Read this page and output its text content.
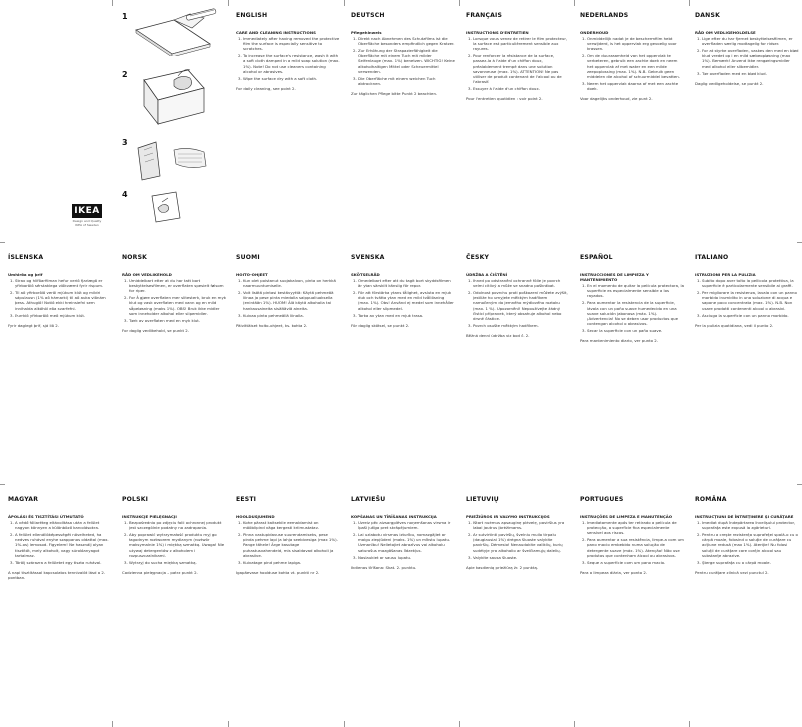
1
2
3
4
IKEA
Design and Quality
IKEA of Sweden
ENGLISH
CARE AND CLEANING INSTRUCTIONS
1. Immediately after having removed the protective film the surface is especially sensitive to scratches.
2. To increase the surface's resistance, wash it with a soft cloth damped in a mild soap solution (max. 1%). Note! Do not use cleaners containing alcohol or abrasives.
3. Wipe the surface dry with a soft cloth.
For daily cleaning, see point 2.
DEUTSCH
Pflegehinweis
1. Direkt nach Abnehmen des Schutzfilms ist die Oberfläche besonders empfindlich gegen Kratzer.
2. Zur Erhöhung der Strapazierfähigkeit die Oberfläche mit einem Tuch mit milder Seifenlauge (max. 1%) benetzen. WICHTIG! Keine alkoholhaltigen Mittel oder Scheuermittel verwenden.
3. Die Oberfläche mit einem weichen Tuch abtrocknen.
Zur täglichen Pflege bitte Punkt 2 beachten.
FRANÇAIS
INSTRUCTIONS D'ENTRETIEN
1. Lorsque vous venez de retirer le film protecteur, la surface est particulièrement sensible aux rayures.
2. Pour renforcer la résistance de la surface, passez-la à l'aide d'un chiffon doux, préalablement trempé dans une solution savonneuse (max. 1%). ATTENTION! Ne pas utiliser de produit contenant de l'alcool ou de l'abrasif.
3. Essuyer à l'aide d'un chiffon doux.
Pour l'entretien quotidien : voir point 2.
NEDERLANDS
ONDERHOUD
1. Onmiddellijk nadat je de beschermfilm hebt verwijderd, is het oppervlak erg gevoelig voor krassen.
2. Om de duurzaamheid van het oppervlak te verbeteren, gebruik een zachte doek en neem het oppervlak af met water en een milde zeepoplossing (max. 1%). N.B. Gebruik geen middelen die alcohol of schuurmiddel bevatten.
3. Neem het oppervlak daarna af met een zachte doek.
Voor dagelijks onderhoud, zie punt 2.
DANSK
RÅD OM VEDLIGEHOLDELSE
1. Lige efter du har fjernet beskyttelsesfilmen, er overfladen særlig modtagelig for ridser.
2. For at styrke overfladen, vaskes den med en blød klud vredet op i en mild sæbeopløsning (max 1%). Bemærk! Anvend ikke rengøringsmidler med alkohol eller slibemidler.
3. Tør overfladen med en blød klud.
Daglig vedligeholdelse, se punkt 2.
ÍSLENSKA
Umhirða og þrif
1. Strax og hlífðarfilman hefur verið fjarlægð er yfirborðið sérstaklega viðkvæmt fyrir rispum.
2. Til að yfirborðið verði mjúkum klút og mildri sápulausn (1% að hámarki) til að auka viðnám þess. Athugið! Notið ekki hreinsiefni sem innihalda alkóhól eða svarfefni.
3. Þurrkið yfirborðið með mjúkum klút.
Fyrir daglegt þrif, sjá lið 2.
NORSK
RÅD OM VEDLIKEHOLD
1. Umiddelbart etter at du har tatt bort beskyttelsesfilmen, er overflaten spesielt følsom for riper.
2. For å gjøre overflaten mer slitesterk, bruk en myk klut og vask overflaten med vann og en mild såpeløsning (maks 1%). OBS! Bruk ikke midler som inneholder alkohol eller slipemidler.
3. Tørk av overflaten med en myk klut.
For daglig vedlikehold, se punkt 2.
SUOMI
HOITO-OHJEET
1. Kun olet poistanut suojakalvon, pinta on herkkä naarmuuntumiselle.
2. Voit lisätä pintasi kestävyyttä: Käytä pehmeää liinaa ja pese pinta miedolla saippualiuoksella (enintään 1%). HUOM! Älä käytä alkoholia tai hankausaineita sisältäviä aineita.
3. Kuivaa pinta pehmeällä liinalla.
Päivittäiset hoito-ohjeet, ks. kohta 2.
SVENSKA
SKÖTSELRÅD
1. Omedelbart efter att du tagit bort skyddsfilmen är ytan särskilt känslig för repor.
2. För att förstärka ytans tålighet, avsluta en mjuk duk och tvätta ytan med en mild tvållösning (max. 1%). Obs! Använd ej medel som innehåller alkohol eller slipmedel.
3. Torka av ytan med en mjuk trasa.
För daglig skötsel, se punkt 2.
ČESKY
ÚDRŽBA A ČIŠTĚNÍ
1. Ihned po odstranění ochranné fólie je povrch velmi citlivý a může se snadno poškrábat.
2. Odolnost povrchu proti poškození můžete zvýšit, jestliže ho umyjete měkkým hadříkem namočeným do jemného mýdlového roztoku (max. 1 %). Upozornění! Nepoužívejte žádný čisticí přípravek, který obsahuje alkohol nebo drsné částice.
3. Povrch osušte měkkým hadříkem.
Běžná denní údržba viz bod č. 2.
ESPAÑOL
INSTRUCCIONES DE LIMPIEZA Y MANTENIMIENTO
1. En el momento de quitar la película protectora, la superficie es especialmente sensible a los rayados.
2. Para aumentar la resistencia de la superficie, lávala con un paño suave humedecido en una suave solución jabonosa (máx. 1%). ¡Advertencia! No se deben usar productos que contengan alcohol o abrasivos.
3. Secar la superficie con un paño suave.
Para mantenimiento diario, ver punto 2.
ITALIANO
ISTRUZIONI PER LA PULIZIA
1. Subito dopo aver tolto la pellicola protettiva, la superficie è particolarmente sensibile ai graffi.
2. Per migliorare la resistenza, lavala con un panno morbido inumidito in una soluzione di acqua e sapone poco concentrata (max. 1%). N.B. Non usare prodotti contenenti alcool o abrasivi.
3. Asciuga la superficie con un panno morbido.
Per la pulizia quotidiana, vedi il punto 2.
MAGYAR
ÁPOLÁSI ÉS TISZTÍTÁSI ÚTMUTATÓ
1. A védő fóliaréteg eltávolítása után a felület nagyon könnyen a különböző karcolásokra.
2. A felület ellenállóképességét növelheted, ha nedves ruhával enyhe szappanos oldattal (max. 1%-os) lemosod. Figyelem! Ne használj olyan tisztítót, mely alkoholt, vagy súrolóanyagot tartalmaz.
3. Törölj szárazra a felületet egy tiszta ruhával.
A napi tisztítással kapcsolatos tennivalót lásd a 2. pontban.
POLSKI
INSTRUKCJE PIELĘGNACJI
1. Bezpośrednio po zdjęciu folii ochronnej produkt jest szczególnie podatny na zadrapania.
2. Aby poprawić wytrzymałość produktu myj go łagodnym roztworem mydlanym (roztwór maksymalnie 1%) i miękką szmatką. Uwaga! Nie używaj detergentów z alkoholem i rozpuszczalnikami.
3. Wytrzyj do sucha miękką szmatką.
Codzienna pielęgnacja – patrz punkt 2.
EESTI
HOOLDUSJUHEND
1. Kohe pärast kaitsekile eemaldamist on mööblipind väga kergesti kriimustatav.
2. Pinna vastupidavuse suurendamiseks, pese pinda pehme lapi ja lahja seebivesiga (max 1%). Pange tähele! Ärge kasutage puhastusvahendeid, mis sisaldavad alkoholi ja abrasiive.
3. Kuivatage pind pehme lapiga.
Igapäevase hoolduse kohta vt. punkti nr 2.
LATVIEŠU
KOPŠANAS UN TĪRĪŠANAS INSTRUKCIJA
1. Uzreiz pēc aizsargplēves noņemšanas virsma ir īpaši jutīga pret skrāpējumiem.
2. Lai uzlabotu virsmas izturību, nomazgājiet ar maigu ziepjūdeni (maks. 1%) un mīkstu lupatu. Uzmanību! Nelietojiet abrazīvus vai alkoholu saturošus mazgāšanas līdzekļus.
3. Noslaukiet ar sausu lupatu.
Ikdienas tīrīšana: Skat. 2. punktu.
LIETUVIŲ
PRIEŽIŪROS IR VALYMO INSTRUKCIJOS
1. Ištart nuėmus apsauginę plėvelę, paviršius yra labai jautrus įbrėžimams.
2. Ar sutvirtinti paviršių, švelniu muilo tirpalu (daugiausiai 1%) drėgna šluoste valykite paviršių. Dėmesio! Nenaudokite valiklių, kurių sudėtyje yra alkoholio ar šveičiamųjų dalelių.
3. Valykite sausa šluoste.
Apie kasdienią priežiūrą žr. 2 punktą.
PORTUGUES
INSTRUÇÕES DE LIMPEZA E MANUTENÇÃO
1. Imediatamente após ter retirado a película de protecção, a superfície fica especialmente sensível aos riscos.
2. Para aumentar a sua resistência, limpe-a com um pano macio embebido numa solução de detergente suave (máx. 1%). Atenção! Não use produtos que contenham álcool ou abrasivos.
3. Seque a superfície com um pano macio.
Para a limpeza diária, ver ponto 2.
ROMÂNA
INSTRUCŢIUNI DE ÎNTREŢINERE ŞI CURĂŢARE
1. Imediat după îndepărtarea învelişului protector, suprafaţa este expusă la zgârieturi.
2. Pentru a creşte rezistenţa suprafeţei spală-o cu o cârpă moale, folosind o soluţie de curăţare cu acţiune redusă (max 1%). Atenţie! Nu folosi soluţii de curăţare care conţin alcool sau substanţe abrazive.
3. Şterge suprafaţa cu o cârpă moale.
Pentru curăţare zilnică vezi punctul 2.
